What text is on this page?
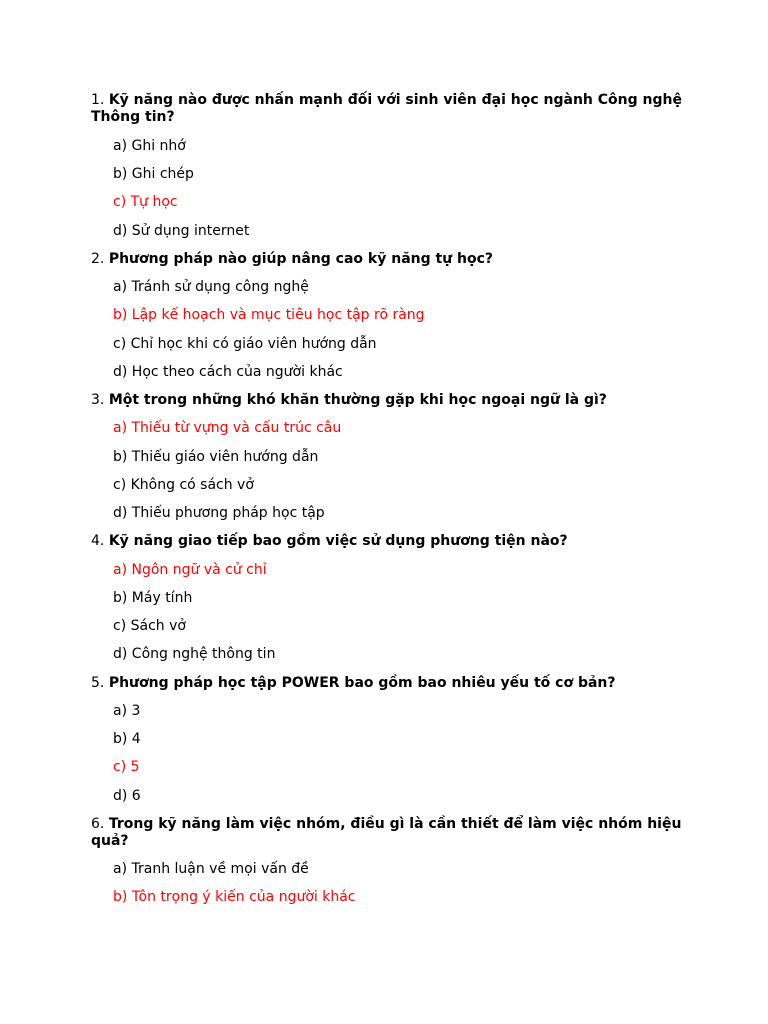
1. Kỹ năng nào được nhấn mạnh đối với sinh viên đại học ngành Công nghệ Thông tin?

a) Ghi nhớ

b) Ghi chép

c) Tự học

d) Sử dụng internet

2. Phương pháp nào giúp nâng cao kỹ năng tự học?

a) Tránh sử dụng công nghệ

b) Lập kế hoạch và mục tiêu học tập rõ ràng

c) Chỉ học khi có giáo viên hướng dẫn

d) Học theo cách của người khác

3. Một trong những khó khăn thường gặp khi học ngoại ngữ là gì?

a) Thiếu từ vựng và cấu trúc câu

b) Thiếu giáo viên hướng dẫn

c) Không có sách vở

d) Thiếu phương pháp học tập

4. Kỹ năng giao tiếp bao gồm việc sử dụng phương tiện nào?

a) Ngôn ngữ và cử chỉ

b) Máy tính

c) Sách vở

d) Công nghệ thông tin

5. Phương pháp học tập POWER bao gồm bao nhiêu yếu tố cơ bản?

a) 3

b) 4

c) 5

d) 6

6. Trong kỹ năng làm việc nhóm, điều gì là cần thiết để làm việc nhóm hiệu quả?

a) Tranh luận về mọi vấn đề

b) Tôn trọng ý kiến của người khác
